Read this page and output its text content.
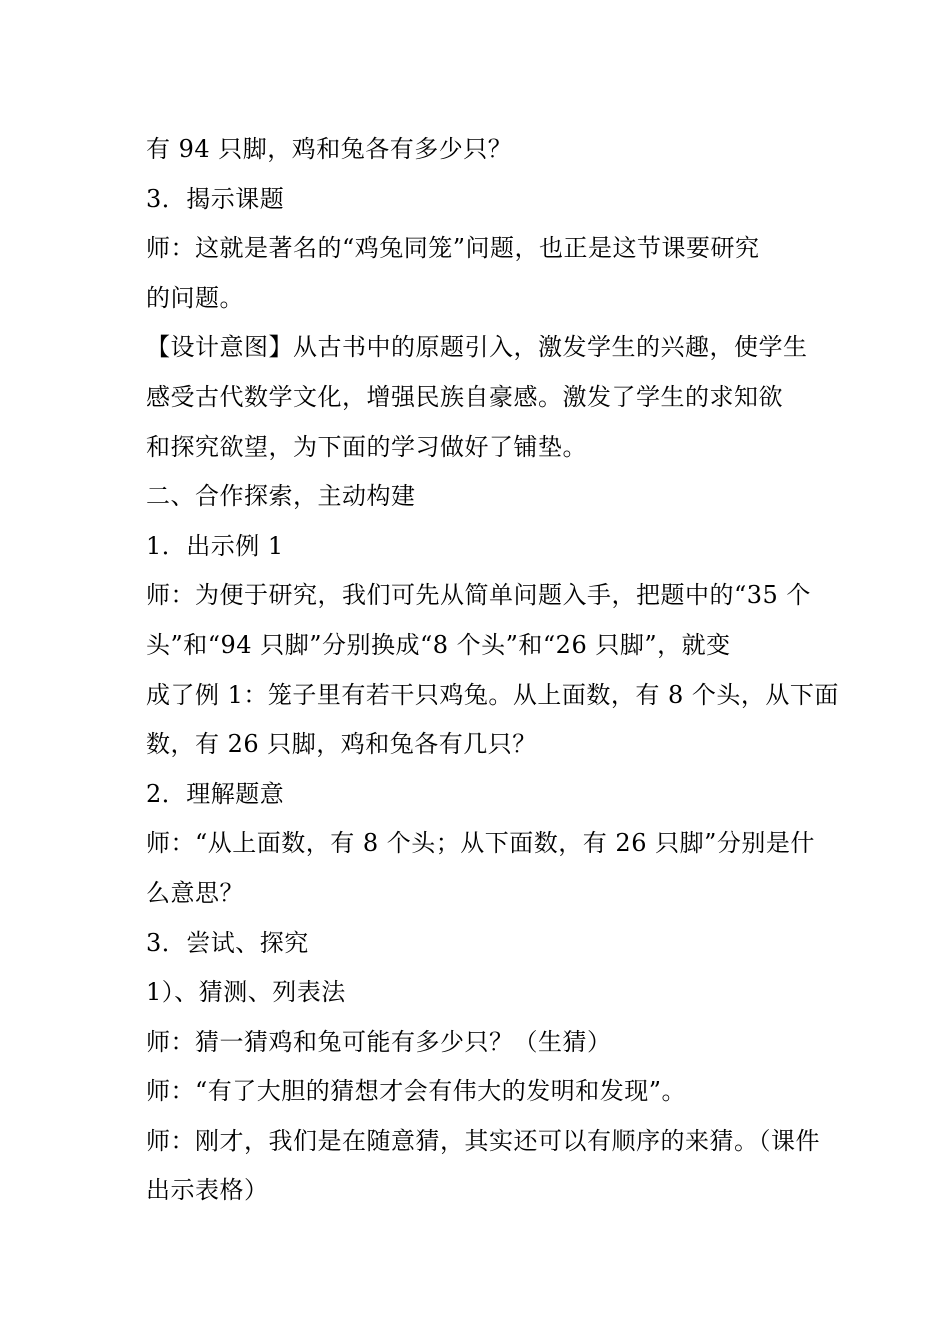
有 94 只脚，鸡和兔各有多少只？
3．揭示课题
师：这就是著名的“鸡兔同笼”问题，也正是这节课要研究
的问题。
【设计意图】从古书中的原题引入，激发学生的兴趣，使学生
感受古代数学文化，增强民族自豪感。激发了学生的求知欲
和探究欲望，为下面的学习做好了铺垫。
二、合作探索，主动构建
1．出示例 1
师：为便于研究，我们可先从简单问题入手，把题中的“35 个
头”和“94 只脚”分别换成“8 个头”和“26 只脚”，就变
成了例 1：笼子里有若干只鸡兔。从上面数，有 8 个头，从下面
数，有 26 只脚，鸡和兔各有几只？
2．理解题意
师：“从上面数，有 8 个头；从下面数，有 26 只脚”分别是什
么意思？
3．尝试、探究
1）、猜测、列表法
师：猜一猜鸡和兔可能有多少只？（生猜）
师：“有了大胆的猜想才会有伟大的发明和发现”。
师：刚才，我们是在随意猜，其实还可以有顺序的来猜。（课件
出示表格）
